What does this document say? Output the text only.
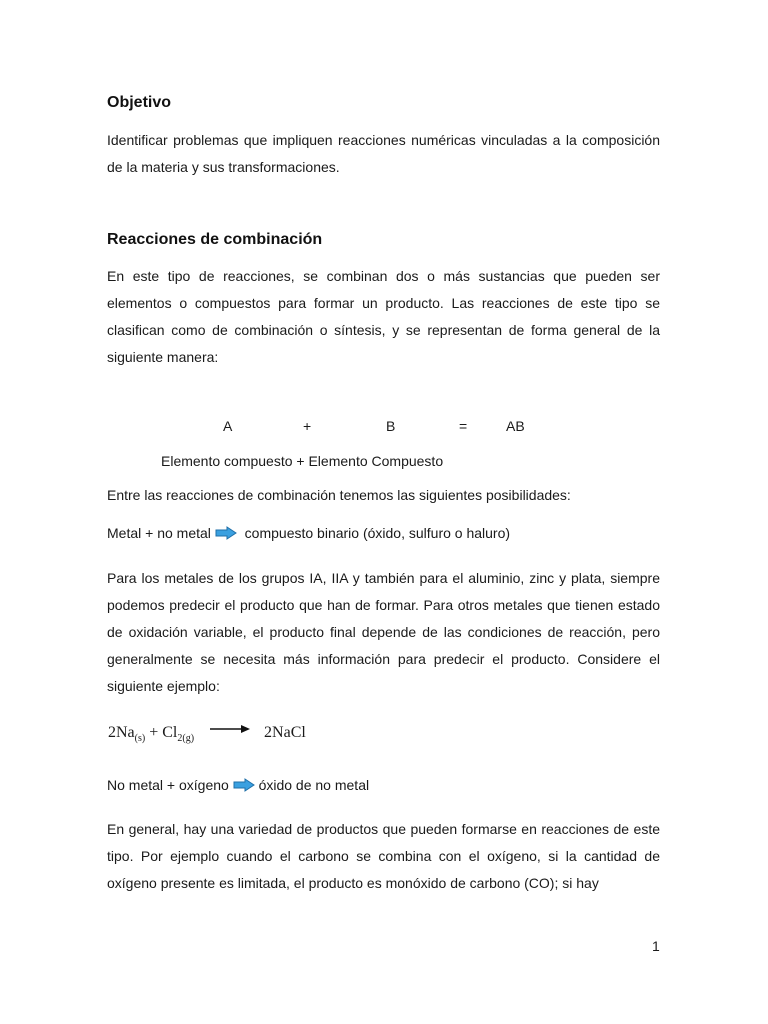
Objetivo

Identificar problemas que impliquen reacciones numéricas vinculadas a la composición de la materia y sus transformaciones.

Reacciones de combinación

En este tipo de reacciones, se combinan dos o más sustancias que pueden ser elementos o compuestos para formar un producto. Las reacciones de este tipo se clasifican como de combinación o síntesis, y se representan de forma general de la siguiente manera:

A	+	B	=	AB
Elemento compuesto + Elemento Compuesto
Entre las reacciones de combinación tenemos las siguientes posibilidades:
Metal + no metal compuesto binario (óxido, sulfuro o haluro)

Para los metales de los grupos IA, IIA y también para el aluminio, zinc y plata, siempre podemos predecir el producto que han de formar. Para otros metales que tienen estado de oxidación variable, el producto final depende de las condiciones de reacción, pero generalmente se necesita más información para predecir el producto. Considere el siguiente ejemplo:

$2Na_{(s)} + Cl_{2(g)}$ → 2NaCl
No metal + oxígeno óxido de no metal

En general, hay una variedad de productos que pueden formarse en reacciones de este tipo. Por ejemplo cuando el carbono se combina con el oxígeno, si la cantidad de oxígeno presente es limitada, el producto es monóxido de carbono (CO); si hay

1
